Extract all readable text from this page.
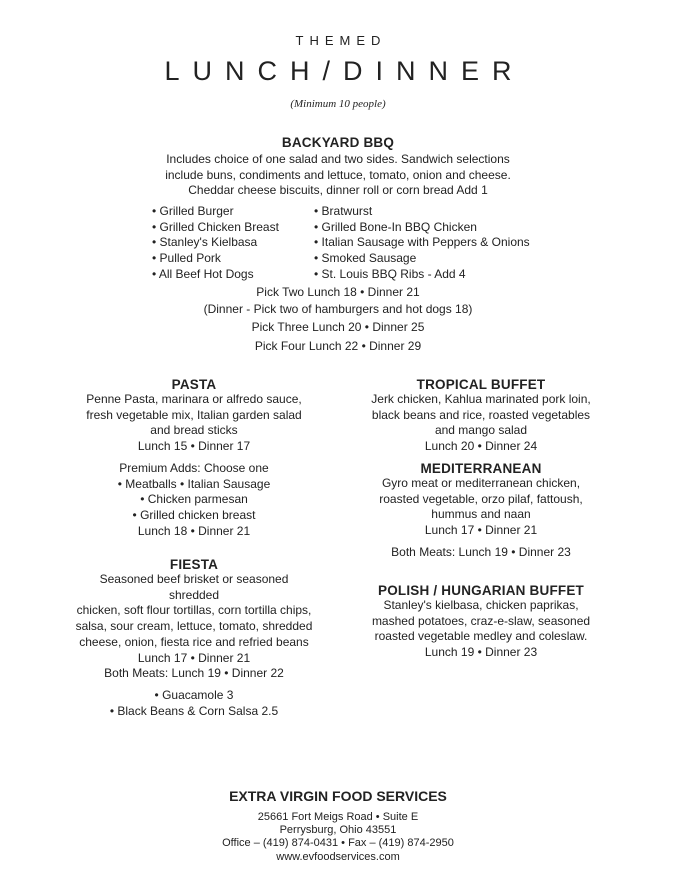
THEMED
LUNCH/DINNER
(Minimum 10 people)
BACKYARD BBQ
Includes choice of one salad and two sides. Sandwich selections
include buns, condiments and lettuce, tomato, onion and cheese.
Cheddar cheese biscuits, dinner roll or corn bread Add 1
• Grilled Burger
• Grilled Chicken Breast
• Stanley's Kielbasa
• Pulled Pork
• All Beef Hot Dogs
• Bratwurst
• Grilled Bone-In BBQ Chicken
• Italian Sausage with Peppers & Onions
• Smoked Sausage
• St. Louis BBQ Ribs - Add 4
Pick Two Lunch 18 • Dinner 21
(Dinner - Pick two of hamburgers and hot dogs 18)
Pick Three Lunch 20 • Dinner 25
Pick Four Lunch 22 • Dinner 29
PASTA
Penne Pasta, marinara or alfredo sauce,
fresh vegetable mix, Italian garden salad
and bread sticks
Lunch 15 • Dinner 17
Premium Adds: Choose one
• Meatballs • Italian Sausage
• Chicken parmesan
• Grilled chicken breast
Lunch 18 • Dinner 21
FIESTA
Seasoned beef brisket or seasoned shredded
chicken, soft flour tortillas, corn tortilla chips,
salsa, sour cream, lettuce, tomato, shredded
cheese, onion, fiesta rice and refried beans
Lunch 17 • Dinner 21
Both Meats: Lunch 19 • Dinner 22
• Guacamole 3
• Black Beans & Corn Salsa 2.5
TROPICAL BUFFET
Jerk chicken, Kahlua marinated pork loin,
black beans and rice, roasted vegetables
and mango salad
Lunch 20 • Dinner 24
MEDITERRANEAN
Gyro meat or mediterranean chicken,
roasted vegetable, orzo pilaf, fattoush,
hummus and naan
Lunch 17 • Dinner 21
Both Meats: Lunch 19 • Dinner 23
POLISH / HUNGARIAN BUFFET
Stanley's kielbasa, chicken paprikas,
mashed potatoes, craz-e-slaw, seasoned
roasted vegetable medley and coleslaw.
Lunch 19 • Dinner 23
EXTRA VIRGIN FOOD SERVICES
25661 Fort Meigs Road • Suite E
Perrysburg, Ohio 43551
Office – (419) 874-0431 • Fax – (419) 874-2950
www.evfoodservices.com
